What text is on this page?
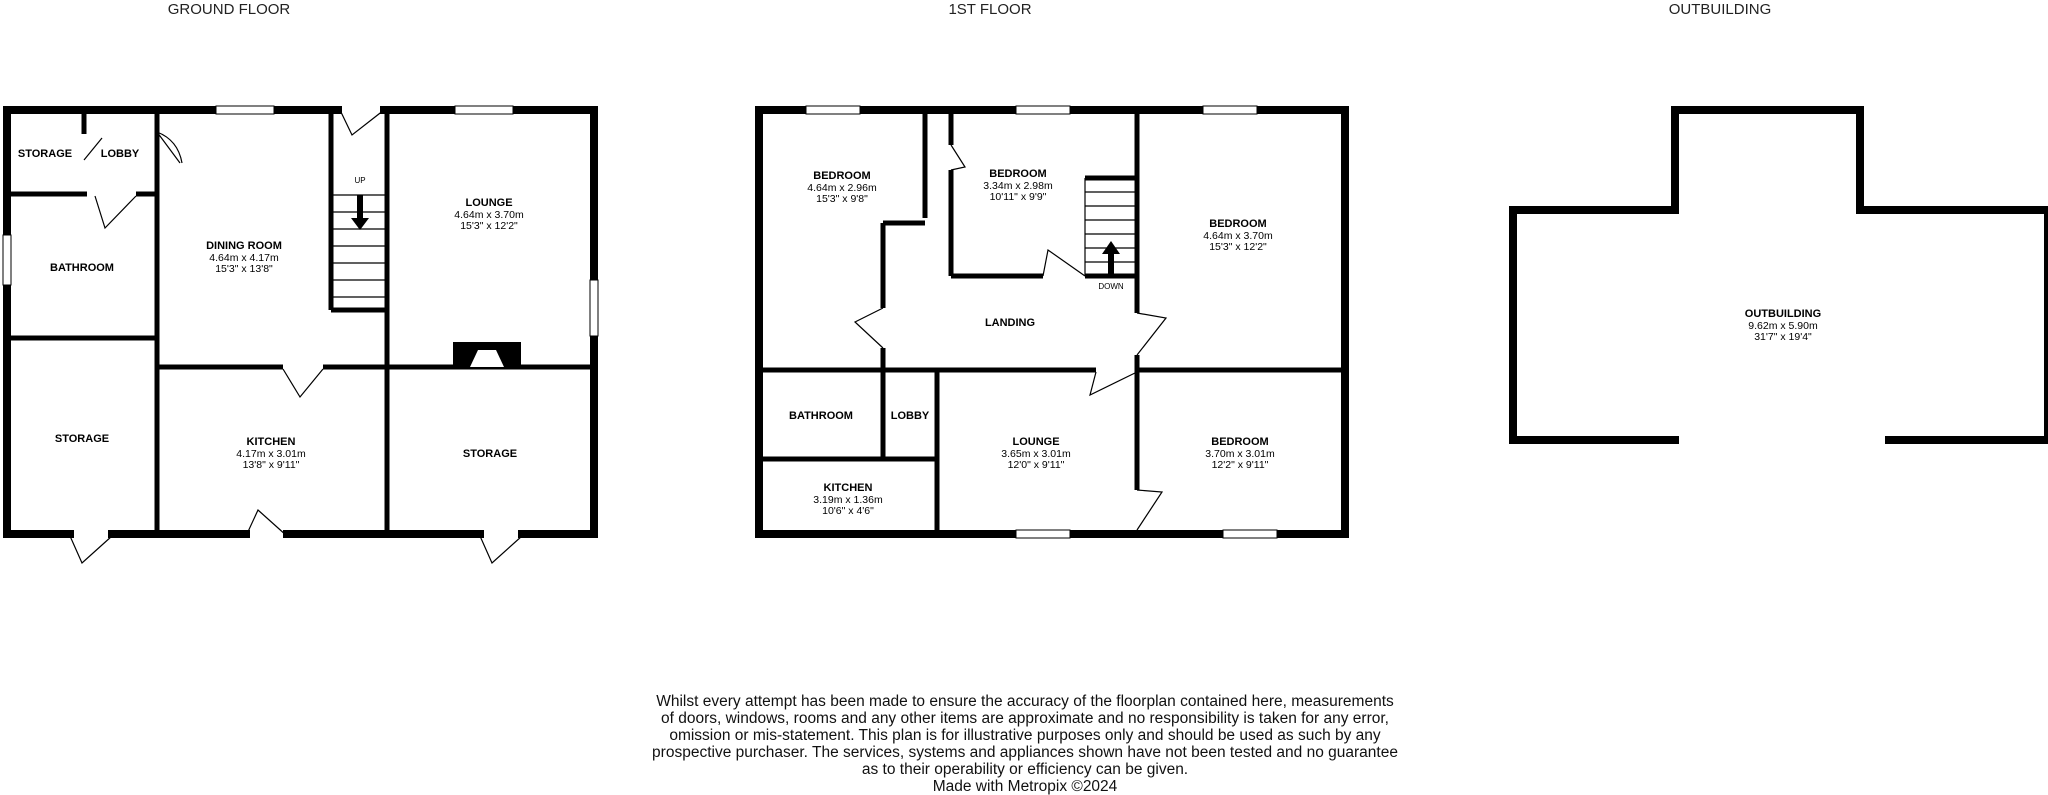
GROUND FLOOR	1ST FLOOR	OUTBUILDING
UP
STORAGE	LOBBY
BATHROOM
DINING ROOM
LOUNGE
STORAGE	KITCHEN
STORAGE
4.64m x 4.17m
15'3" x 13'8"
4.64m x 3.70m
15'3" x 12'2"
4.17m x 3.01m
13'8" x 9'11"
DOWN
BEDROOM	BEDROOM
BEDROOM
LANDING
BATHROOM	LOBBY
KITCHEN
LOUNGE	BEDROOM
4.64m x 2.96m
15'3" x 9'8"
3.34m x 2.98m
10'11" x 9'9"
4.64m x 3.70m
15'3" x 12'2"
3.19m x 1.36m
10'6" x 4'6"
3.65m x 3.01m
12'0" x 9'11"
3.70m x 3.01m
12'2" x 9'11"
OUTBUILDING
9.62m x 5.90m
31'7" x 19'4"
Whilst every attempt has been made to ensure the accuracy of the floorplan contained here, measurements
of doors, windows, rooms and any other items are approximate and no responsibility is taken for any error,
omission or mis-statement. This plan is for illustrative purposes only and should be used as such by any
prospective purchaser. The services, systems and appliances shown have not been tested and no guarantee
as to their operability or efficiency can be given.
Made with Metropix ©2024
